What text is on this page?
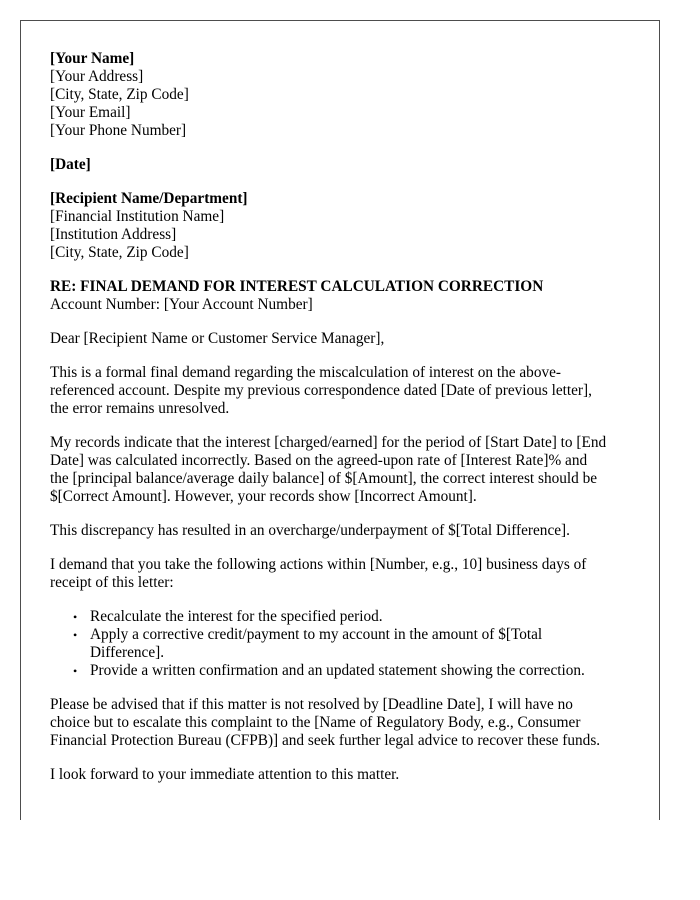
[Your Name]
[Your Address]
[City, State, Zip Code]
[Your Email]
[Your Phone Number]
[Date]
[Recipient Name/Department]
[Financial Institution Name]
[Institution Address]
[City, State, Zip Code]
RE: FINAL DEMAND FOR INTEREST CALCULATION CORRECTION
Account Number: [Your Account Number]

Dear [Recipient Name or Customer Service Manager],

This is a formal final demand regarding the miscalculation of interest on the above-
referenced account. Despite my previous correspondence dated [Date of previous letter],
the error remains unresolved.

My records indicate that the interest [charged/earned] for the period of [Start Date] to [End
Date] was calculated incorrectly. Based on the agreed-upon rate of [Interest Rate]% and
the [principal balance/average daily balance] of $[Amount], the correct interest should be
$[Correct Amount]. However, your records show [Incorrect Amount].

This discrepancy has resulted in an overcharge/underpayment of $[Total Difference].

I demand that you take the following actions within [Number, e.g., 10] business days of
receipt of this letter:

• Recalculate the interest for the specified period.
• Apply a corrective credit/payment to my account in the amount of $[Total
Difference].
• Provide a written confirmation and an updated statement showing the correction.

Please be advised that if this matter is not resolved by [Deadline Date], I will have no
choice but to escalate this complaint to the [Name of Regulatory Body, e.g., Consumer
Financial Protection Bureau (CFPB)] and seek further legal advice to recover these funds.

I look forward to your immediate attention to this matter.
